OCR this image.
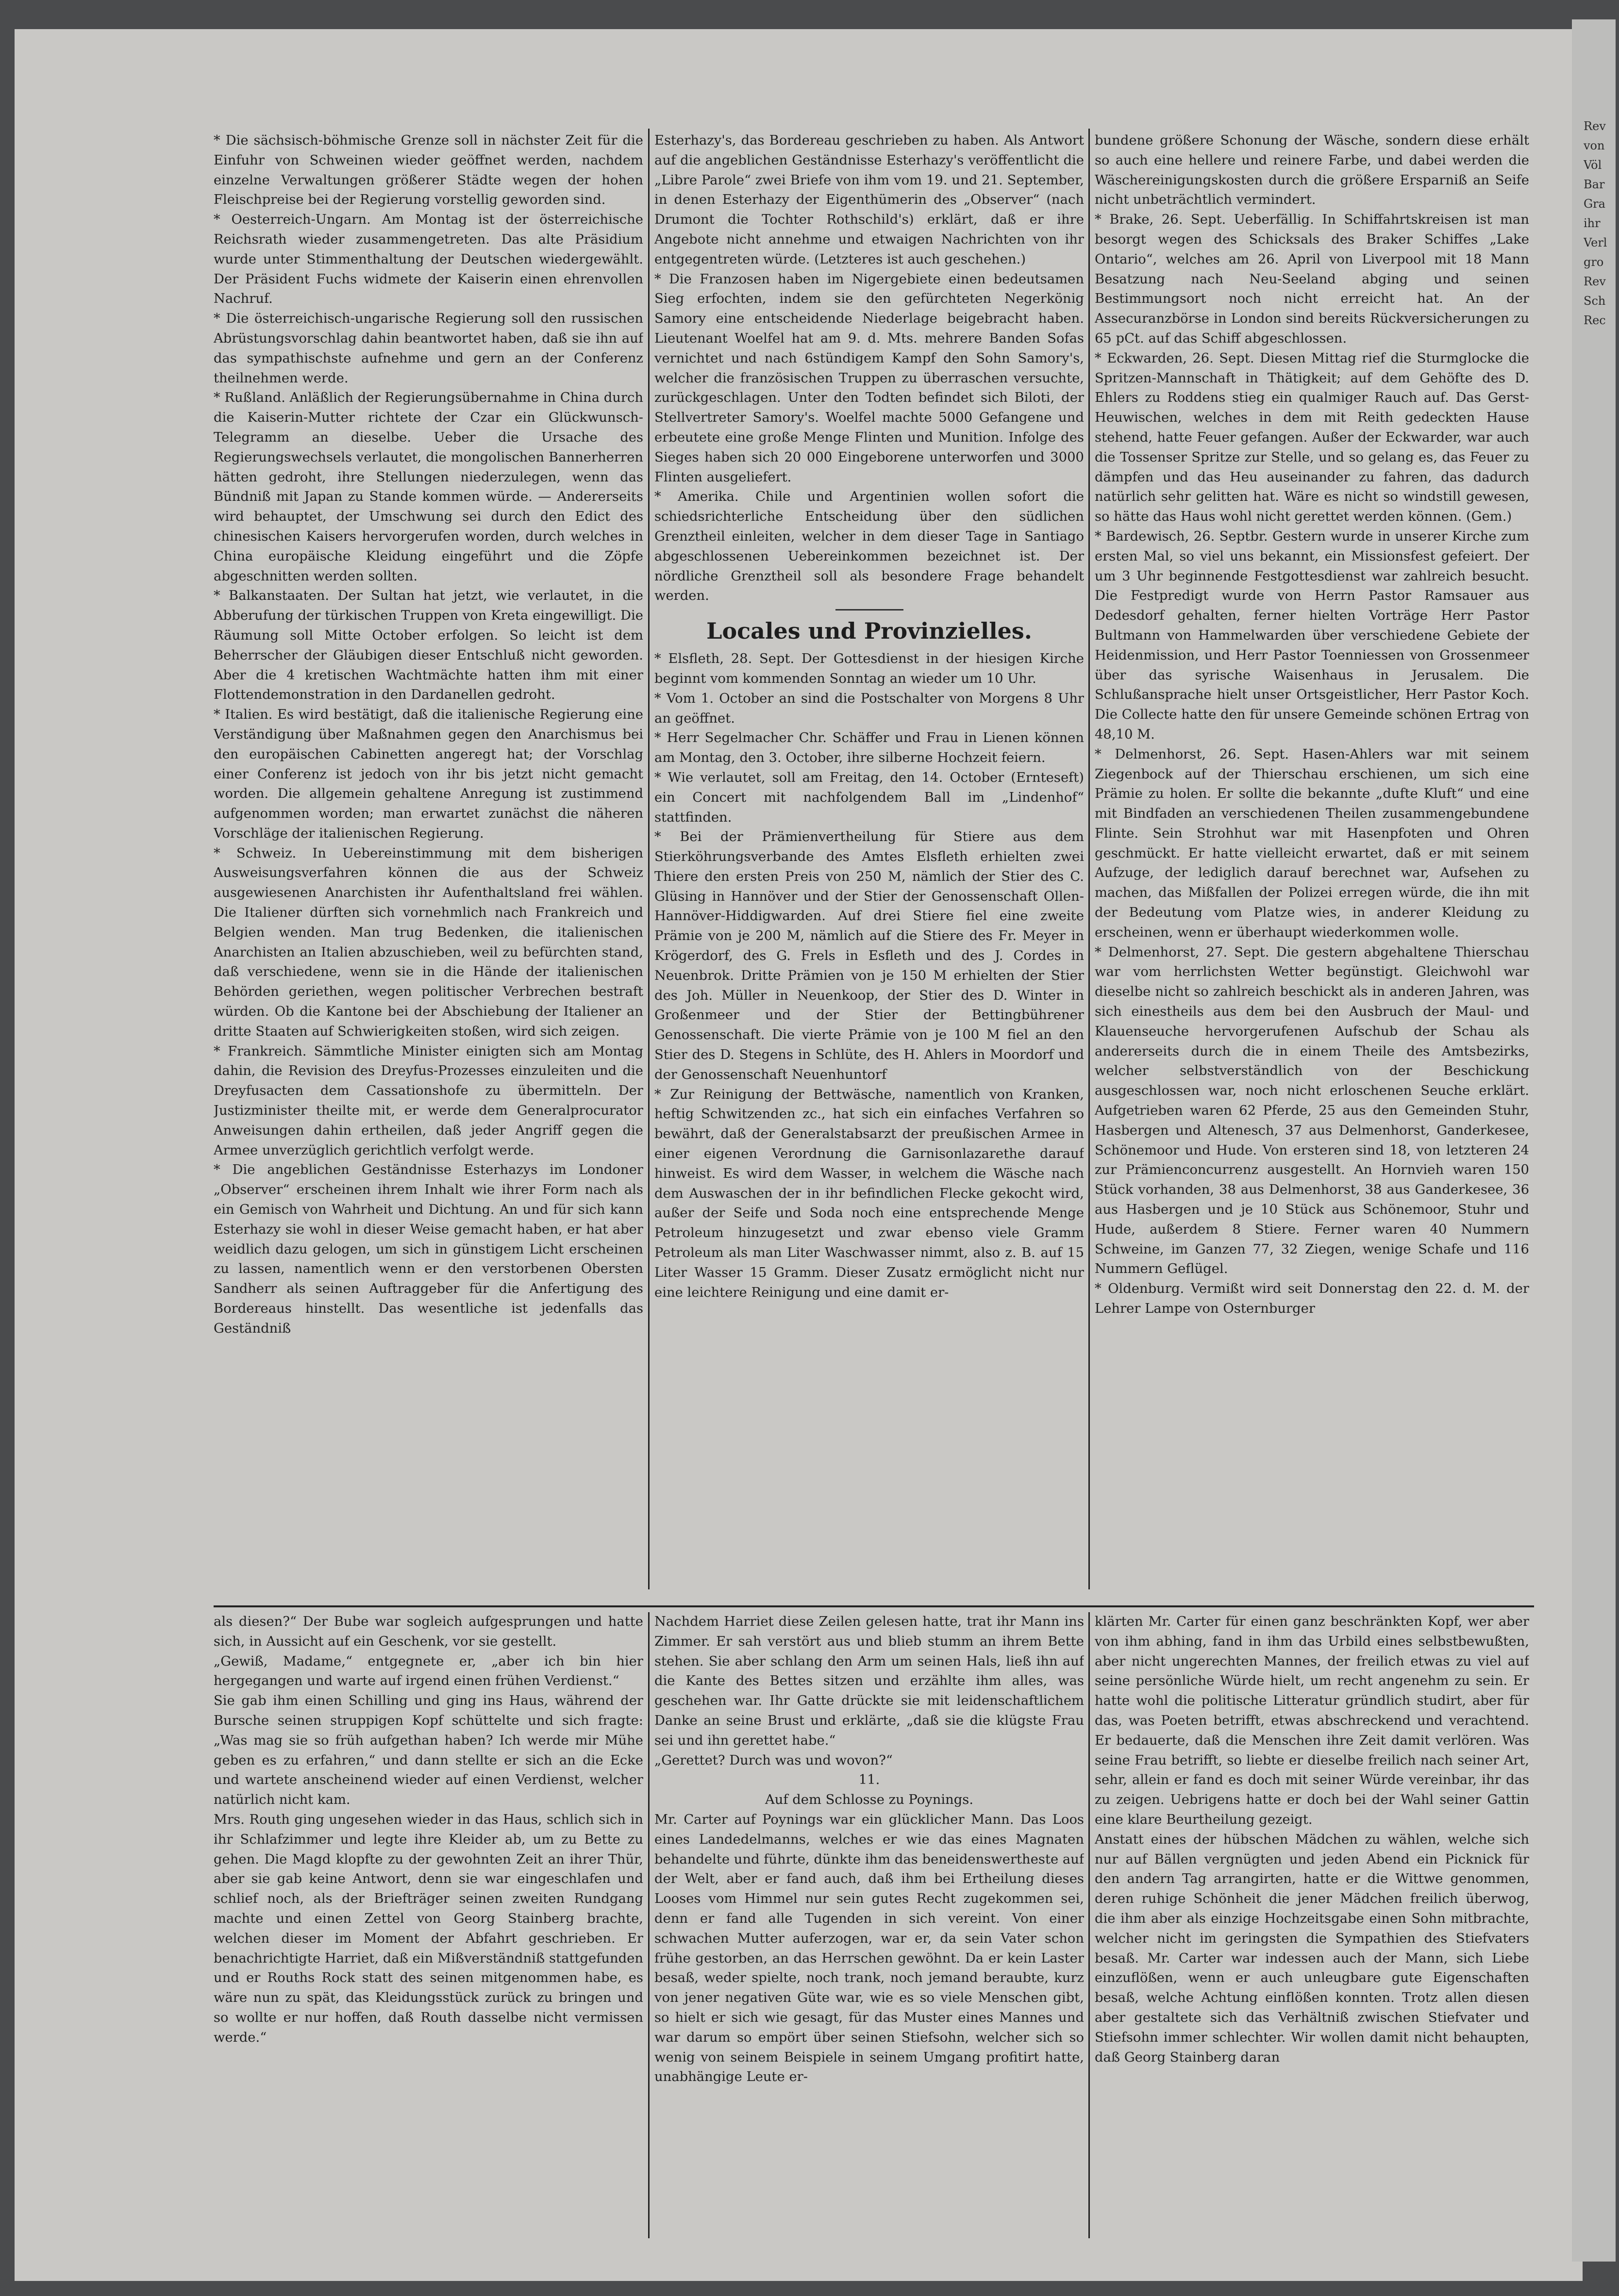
* Die sächsisch-böhmische Grenze soll in nächster Zeit für die Einfuhr von Schweinen wieder geöffnet werden, nachdem einzelne Verwaltungen größerer Städte wegen der hohen Fleischpreise bei der Regierung vorstellig geworden sind.

* Oesterreich-Ungarn. Am Montag ist der österreichische Reichsrath wieder zusammengetreten. Das alte Präsidium wurde unter Stimmenthaltung der Deutschen wiedergewählt. Der Präsident Fuchs widmete der Kaiserin einen ehrenvollen Nachruf.

* Die österreichisch-ungarische Regierung soll den russischen Abrüstungsvorschlag dahin beantwortet haben, daß sie ihn auf das sympathischste aufnehme und gern an der Conferenz theilnehmen werde.

* Rußland. Anläßlich der Regierungsübernahme in China durch die Kaiserin-Mutter richtete der Czar ein Glückwunsch-Telegramm an dieselbe. Ueber die Ursache des Regierungswechsels verlautet, die mongolischen Bannerherren hätten gedroht, ihre Stellungen niederzulegen, wenn das Bündniß mit Japan zu Stande kommen würde. — Andererseits wird behauptet, der Umschwung sei durch den Edict des chinesischen Kaisers hervorgerufen worden, durch welches in China europäische Kleidung eingeführt und die Zöpfe abgeschnitten werden sollten.

* Balkanstaaten. Der Sultan hat jetzt, wie verlautet, in die Abberufung der türkischen Truppen von Kreta eingewilligt. Die Räumung soll Mitte October erfolgen. So leicht ist dem Beherrscher der Gläubigen dieser Entschluß nicht geworden. Aber die 4 kretischen Wachtmächte hatten ihm mit einer Flottendemonstration in den Dardanellen gedroht.

* Italien. Es wird bestätigt, daß die italienische Regierung eine Verständigung über Maßnahmen gegen den Anarchismus bei den europäischen Cabinetten angeregt hat; der Vorschlag einer Conferenz ist jedoch von ihr bis jetzt nicht gemacht worden. Die allgemein gehaltene Anregung ist zustimmend aufgenommen worden; man erwartet zunächst die näheren Vorschläge der italienischen Regierung.

* Schweiz. In Uebereinstimmung mit dem bisherigen Ausweisungsverfahren können die aus der Schweiz ausgewiesenen Anarchisten ihr Aufenthaltsland frei wählen. Die Italiener dürften sich vornehmlich nach Frankreich und Belgien wenden. Man trug Bedenken, die italienischen Anarchisten an Italien abzuschieben, weil zu befürchten stand, daß verschiedene, wenn sie in die Hände der italienischen Behörden geriethen, wegen politischer Verbrechen bestraft würden. Ob die Kantone bei der Abschiebung der Italiener an dritte Staaten auf Schwierigkeiten stoßen, wird sich zeigen.

* Frankreich. Sämmtliche Minister einigten sich am Montag dahin, die Revision des Dreyfus-Prozesses einzuleiten und die Dreyfusacten dem Cassationshofe zu übermitteln. Der Justizminister theilte mit, er werde dem Generalprocurator Anweisungen dahin ertheilen, daß jeder Angriff gegen die Armee unverzüglich gerichtlich verfolgt werde.

* Die angeblichen Geständnisse Esterhazys im Londoner „Observer“ erscheinen ihrem Inhalt wie ihrer Form nach als ein Gemisch von Wahrheit und Dichtung. An und für sich kann Esterhazy sie wohl in dieser Weise gemacht haben, er hat aber weidlich dazu gelogen, um sich in günstigem Licht erscheinen zu lassen, namentlich wenn er den verstorbenen Obersten Sandherr als seinen Auftraggeber für die Anfertigung des Bordereaus hinstellt. Das wesentliche ist jedenfalls das Geständniß

Esterhazy's, das Bordereau geschrieben zu haben. Als Antwort auf die angeblichen Geständnisse Esterhazy's veröffentlicht die „Libre Parole“ zwei Briefe von ihm vom 19. und 21. September, in denen Esterhazy der Eigenthümerin des „Observer“ (nach Drumont die Tochter Rothschild's) erklärt, daß er ihre Angebote nicht annehme und etwaigen Nachrichten von ihr entgegentreten würde. (Letzteres ist auch geschehen.)

* Die Franzosen haben im Nigergebiete einen bedeutsamen Sieg erfochten, indem sie den gefürchteten Negerkönig Samory eine entscheidende Niederlage beigebracht haben. Lieutenant Woelfel hat am 9. d. Mts. mehrere Banden Sofas vernichtet und nach 6stündigem Kampf den Sohn Samory's, welcher die französischen Truppen zu überraschen versuchte, zurückgeschlagen. Unter den Todten befindet sich Biloti, der Stellvertreter Samory's. Woelfel machte 5000 Gefangene und erbeutete eine große Menge Flinten und Munition. Infolge des Sieges haben sich 20 000 Eingeborene unterworfen und 3000 Flinten ausgeliefert.

* Amerika. Chile und Argentinien wollen sofort die schiedsrichterliche Entscheidung über den südlichen Grenztheil einleiten, welcher in dem dieser Tage in Santiago abgeschlossenen Uebereinkommen bezeichnet ist. Der nördliche Grenztheil soll als besondere Frage behandelt werden.

Locales und Provinzielles.

* Elsfleth, 28. Sept. Der Gottesdienst in der hiesigen Kirche beginnt vom kommenden Sonntag an wieder um 10 Uhr.

* Vom 1. October an sind die Postschalter von Morgens 8 Uhr an geöffnet.

* Herr Segelmacher Chr. Schäffer und Frau in Lienen können am Montag, den 3. October, ihre silberne Hochzeit feiern.

* Wie verlautet, soll am Freitag, den 14. October (Ernteseft) ein Concert mit nachfolgendem Ball im „Lindenhof“ stattfinden.

* Bei der Prämienvertheilung für Stiere aus dem Stierköhrungsverbande des Amtes Elsfleth erhielten zwei Thiere den ersten Preis von 250 M, nämlich der Stier des C. Glüsing in Hannöver und der Stier der Genossenschaft Ollen-Hannöver-Hiddigwarden. Auf drei Stiere fiel eine zweite Prämie von je 200 M, nämlich auf die Stiere des Fr. Meyer in Krögerdorf, des G. Frels in Esfleth und des J. Cordes in Neuenbrok. Dritte Prämien von je 150 M erhielten der Stier des Joh. Müller in Neuenkoop, der Stier des D. Winter in Großenmeer und der Stier der Bettingbührener Genossenschaft. Die vierte Prämie von je 100 M fiel an den Stier des D. Stegens in Schlüte, des H. Ahlers in Moordorf und der Genossenschaft Neuenhuntorf

* Zur Reinigung der Bettwäsche, namentlich von Kranken, heftig Schwitzenden zc., hat sich ein einfaches Verfahren so bewährt, daß der Generalstabsarzt der preußischen Armee in einer eigenen Verordnung die Garnisonlazarethe darauf hinweist. Es wird dem Wasser, in welchem die Wäsche nach dem Auswaschen der in ihr befindlichen Flecke gekocht wird, außer der Seife und Soda noch eine entsprechende Menge Petroleum hinzugesetzt und zwar ebenso viele Gramm Petroleum als man Liter Waschwasser nimmt, also z. B. auf 15 Liter Wasser 15 Gramm. Dieser Zusatz ermöglicht nicht nur eine leichtere Reinigung und eine damit er-

bundene größere Schonung der Wäsche, sondern diese erhält so auch eine hellere und reinere Farbe, und dabei werden die Wäschereinigungskosten durch die größere Ersparniß an Seife nicht unbeträchtlich vermindert.

* Brake, 26. Sept. Ueberfällig. In Schiffahrtskreisen ist man besorgt wegen des Schicksals des Braker Schiffes „Lake Ontario“, welches am 26. April von Liverpool mit 18 Mann Besatzung nach Neu-Seeland abging und seinen Bestimmungsort noch nicht erreicht hat. An der Assecuranzbörse in London sind bereits Rückversicherungen zu 65 pCt. auf das Schiff abgeschlossen.

* Eckwarden, 26. Sept. Diesen Mittag rief die Sturmglocke die Spritzen-Mannschaft in Thätigkeit; auf dem Gehöfte des D. Ehlers zu Roddens stieg ein qualmiger Rauch auf. Das Gerst-Heuwischen, welches in dem mit Reith gedeckten Hause stehend, hatte Feuer gefangen. Außer der Eckwarder, war auch die Tossenser Spritze zur Stelle, und so gelang es, das Feuer zu dämpfen und das Heu auseinander zu fahren, das dadurch natürlich sehr gelitten hat. Wäre es nicht so windstill gewesen, so hätte das Haus wohl nicht gerettet werden können. (Gem.)

* Bardewisch, 26. Septbr. Gestern wurde in unserer Kirche zum ersten Mal, so viel uns bekannt, ein Missionsfest gefeiert. Der um 3 Uhr beginnende Festgottesdienst war zahlreich besucht. Die Festpredigt wurde von Herrn Pastor Ramsauer aus Dedesdorf gehalten, ferner hielten Vorträge Herr Pastor Bultmann von Hammelwarden über verschiedene Gebiete der Heidenmission, und Herr Pastor Toenniessen von Grossenmeer über das syrische Waisenhaus in Jerusalem. Die Schlußansprache hielt unser Ortsgeistlicher, Herr Pastor Koch. Die Collecte hatte den für unsere Gemeinde schönen Ertrag von 48,10 M.

* Delmenhorst, 26. Sept. Hasen-Ahlers war mit seinem Ziegenbock auf der Thierschau erschienen, um sich eine Prämie zu holen. Er sollte die bekannte „dufte Kluft“ und eine mit Bindfaden an verschiedenen Theilen zusammengebundene Flinte. Sein Strohhut war mit Hasenpfoten und Ohren geschmückt. Er hatte vielleicht erwartet, daß er mit seinem Aufzuge, der lediglich darauf berechnet war, Aufsehen zu machen, das Mißfallen der Polizei erregen würde, die ihn mit der Bedeutung vom Platze wies, in anderer Kleidung zu erscheinen, wenn er überhaupt wiederkommen wolle.

* Delmenhorst, 27. Sept. Die gestern abgehaltene Thierschau war vom herrlichsten Wetter begünstigt. Gleichwohl war dieselbe nicht so zahlreich beschickt als in anderen Jahren, was sich einestheils aus dem bei den Ausbruch der Maul- und Klauenseuche hervorgerufenen Aufschub der Schau als andererseits durch die in einem Theile des Amtsbezirks, welcher selbstverständlich von der Beschickung ausgeschlossen war, noch nicht erloschenen Seuche erklärt. Aufgetrieben waren 62 Pferde, 25 aus den Gemeinden Stuhr, Hasbergen und Altenesch, 37 aus Delmenhorst, Ganderkesee, Schönemoor und Hude. Von ersteren sind 18, von letzteren 24 zur Prämienconcurrenz ausgestellt. An Hornvieh waren 150 Stück vorhanden, 38 aus Delmenhorst, 38 aus Ganderkesee, 36 aus Hasbergen und je 10 Stück aus Schönemoor, Stuhr und Hude, außerdem 8 Stiere. Ferner waren 40 Nummern Schweine, im Ganzen 77, 32 Ziegen, wenige Schafe und 116 Nummern Geflügel.

* Oldenburg. Vermißt wird seit Donnerstag den 22. d. M. der Lehrer Lampe von Osternburger

als diesen?“ Der Bube war sogleich aufgesprungen und hatte sich, in Aussicht auf ein Geschenk, vor sie gestellt.

„Gewiß, Madame,“ entgegnete er, „aber ich bin hier hergegangen und warte auf irgend einen frühen Verdienst.“

Sie gab ihm einen Schilling und ging ins Haus, während der Bursche seinen struppigen Kopf schüttelte und sich fragte: „Was mag sie so früh aufgethan haben? Ich werde mir Mühe geben es zu erfahren,“ und dann stellte er sich an die Ecke und wartete anscheinend wieder auf einen Verdienst, welcher natürlich nicht kam.

Mrs. Routh ging ungesehen wieder in das Haus, schlich sich in ihr Schlafzimmer und legte ihre Kleider ab, um zu Bette zu gehen. Die Magd klopfte zu der gewohnten Zeit an ihrer Thür, aber sie gab keine Antwort, denn sie war eingeschlafen und schlief noch, als der Briefträger seinen zweiten Rundgang machte und einen Zettel von Georg Stainberg brachte, welchen dieser im Moment der Abfahrt geschrieben. Er benachrichtigte Harriet, daß ein Mißverständniß stattgefunden und er Rouths Rock statt des seinen mitgenommen habe, es wäre nun zu spät, das Kleidungsstück zurück zu bringen und so wollte er nur hoffen, daß Routh dasselbe nicht vermissen werde.“

Nachdem Harriet diese Zeilen gelesen hatte, trat ihr Mann ins Zimmer. Er sah verstört aus und blieb stumm an ihrem Bette stehen. Sie aber schlang den Arm um seinen Hals, ließ ihn auf die Kante des Bettes sitzen und erzählte ihm alles, was geschehen war. Ihr Gatte drückte sie mit leidenschaftlichem Danke an seine Brust und erklärte, „daß sie die klügste Frau sei und ihn gerettet habe.“

„Gerettet? Durch was und wovon?“

11.

Auf dem Schlosse zu Poynings.

Mr. Carter auf Poynings war ein glücklicher Mann. Das Loos eines Landedelmanns, welches er wie das eines Magnaten behandelte und führte, dünkte ihm das beneidenswertheste auf der Welt, aber er fand auch, daß ihm bei Ertheilung dieses Looses vom Himmel nur sein gutes Recht zugekommen sei, denn er fand alle Tugenden in sich vereint. Von einer schwachen Mutter auferzogen, war er, da sein Vater schon frühe gestorben, an das Herrschen gewöhnt. Da er kein Laster besaß, weder spielte, noch trank, noch jemand beraubte, kurz von jener negativen Güte war, wie es so viele Menschen gibt, so hielt er sich wie gesagt, für das Muster eines Mannes und war darum so empört über seinen Stiefsohn, welcher sich so wenig von seinem Beispiele in seinem Umgang profitirt hatte, unabhängige Leute er-

klärten Mr. Carter für einen ganz beschränkten Kopf, wer aber von ihm abhing, fand in ihm das Urbild eines selbstbewußten, aber nicht ungerechten Mannes, der freilich etwas zu viel auf seine persönliche Würde hielt, um recht angenehm zu sein. Er hatte wohl die politische Litteratur gründlich studirt, aber für das, was Poeten betrifft, etwas abschreckend und verachtend. Er bedauerte, daß die Menschen ihre Zeit damit verlören. Was seine Frau betrifft, so liebte er dieselbe freilich nach seiner Art, sehr, allein er fand es doch mit seiner Würde vereinbar, ihr das zu zeigen. Uebrigens hatte er doch bei der Wahl seiner Gattin eine klare Beurtheilung gezeigt.

Anstatt eines der hübschen Mädchen zu wählen, welche sich nur auf Bällen vergnügten und jeden Abend ein Picknick für den andern Tag arrangirten, hatte er die Wittwe genommen, deren ruhige Schönheit die jener Mädchen freilich überwog, die ihm aber als einzige Hochzeitsgabe einen Sohn mitbrachte, welcher nicht im geringsten die Sympathien des Stiefvaters besaß. Mr. Carter war indessen auch der Mann, sich Liebe einzuflößen, wenn er auch unleugbare gute Eigenschaften besaß, welche Achtung einflößen konnten. Trotz allen diesen aber gestaltete sich das Verhältniß zwischen Stiefvater und Stiefsohn immer schlechter. Wir wollen damit nicht behaupten, daß Georg Stainberg daran

Rev
von
Völ
Bar
Gra
ihr
Verl
gro
Rev
Sch
Rec
